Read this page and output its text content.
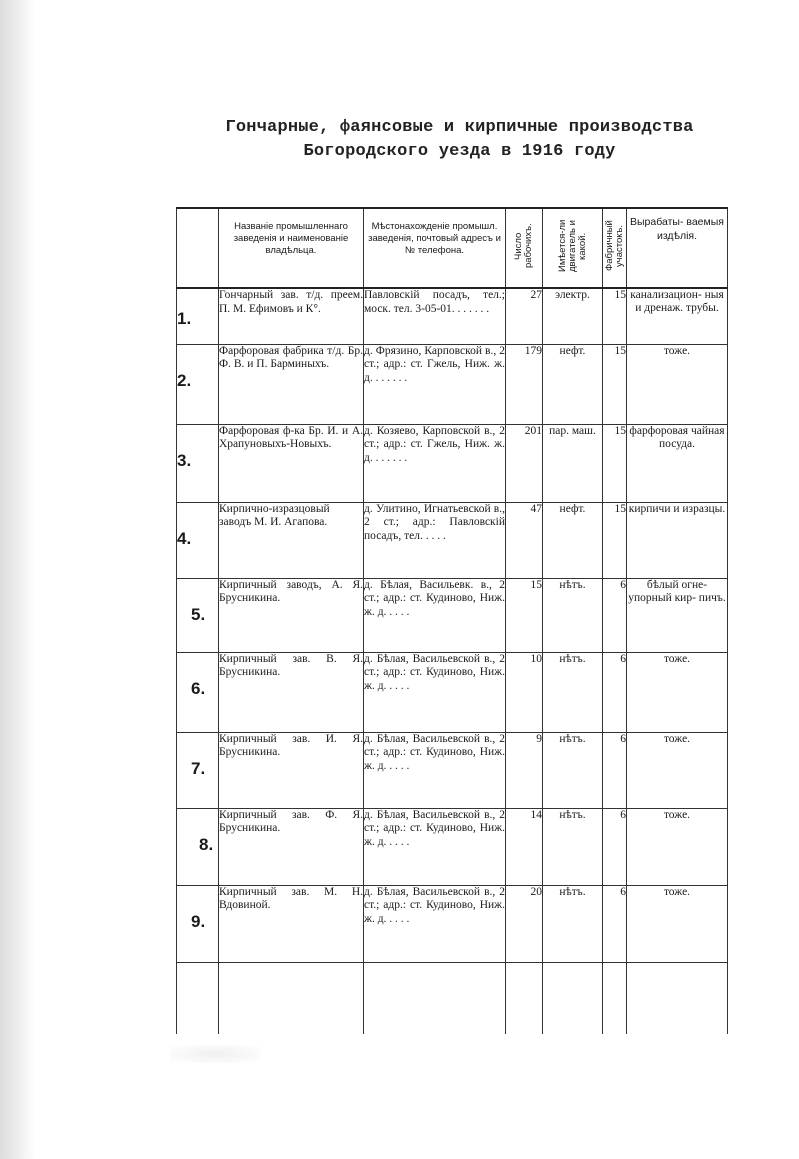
Гончарные, фаянсовые и кирпичные производства
Богородского уезда в 1916 году

	Названіе промышленнаго заведенія и наименованіе владѣльца.	Мѣстонахожденіе промышл. заведенія, почтовый адресъ и № телефона.	Число рабочихъ.	Имѣется-ли двигатель и какой.	Фабричный участокъ.	Вырабаты- ваемыя издѣлія.

1.	Гончарный зав. т/д. преем. П. М. Ефимовъ и К°.	Павловскій посадъ, тел.; моск. тел. 3-05-01. . . . . . .	27	электр.	15	канализацион- ныя и дренаж. трубы.
2.	Фарфоровая фабрика т/д. Бр. Ф. В. и П. Барминыхъ.	д. Фрязино, Карповской в., 2 ст.; адр.: ст. Гжель, Ниж. ж. д. . . . . . .	179	нефт.	15	тоже.
3.	Фарфоровая ф-ка Бр. И. и А. Храпуновыхъ-Новыхъ.	д. Козяево, Карповской в., 2 ст.; адр.: ст. Гжель, Ниж. ж. д. . . . . . .	201	пар. маш.	15	фарфоровая чайная посуда.
4.	Кирпично-изразцовый заводъ М. И. Агапова.	д. Улитино, Игнатьевской в., 2 ст.; адр.: Павловскій посадъ, тел. . . . .	47	нефт.	15	кирпичи и изразцы.
5.	Кирпичный заводъ, А. Я. Брусникина.	д. Бѣлая, Васильевк. в., 2 ст.; адр.: ст. Кудиново, Ниж. ж. д. . . . .	15	нѣтъ.	6	бѣлый огне- упорный кир- пичъ.
6.	Кирпичный зав. В. Я. Брусникина.	д. Бѣлая, Васильевской в., 2 ст.; адр.: ст. Кудиново, Ниж. ж. д. . . . .	10	нѣтъ.	6	тоже.
7.	Кирпичный зав. И. Я. Брусникина.	д. Бѣлая, Васильевской в., 2 ст.; адр.: ст. Кудиново, Ниж. ж. д. . . . .	9	нѣтъ.	6	тоже.
8.	Кирпичный зав. Ф. Я. Брусникина.	д. Бѣлая, Васильевской в., 2 ст.; адр.: ст. Кудиново, Ниж. ж. д. . . . .	14	нѣтъ.	6	тоже.
9.	Кирпичный зав. М. Н. Вдовиной.	д. Бѣлая, Васильевской в., 2 ст.; адр.: ст. Кудиново, Ниж. ж. д. . . . .	20	нѣтъ.	6	тоже.
